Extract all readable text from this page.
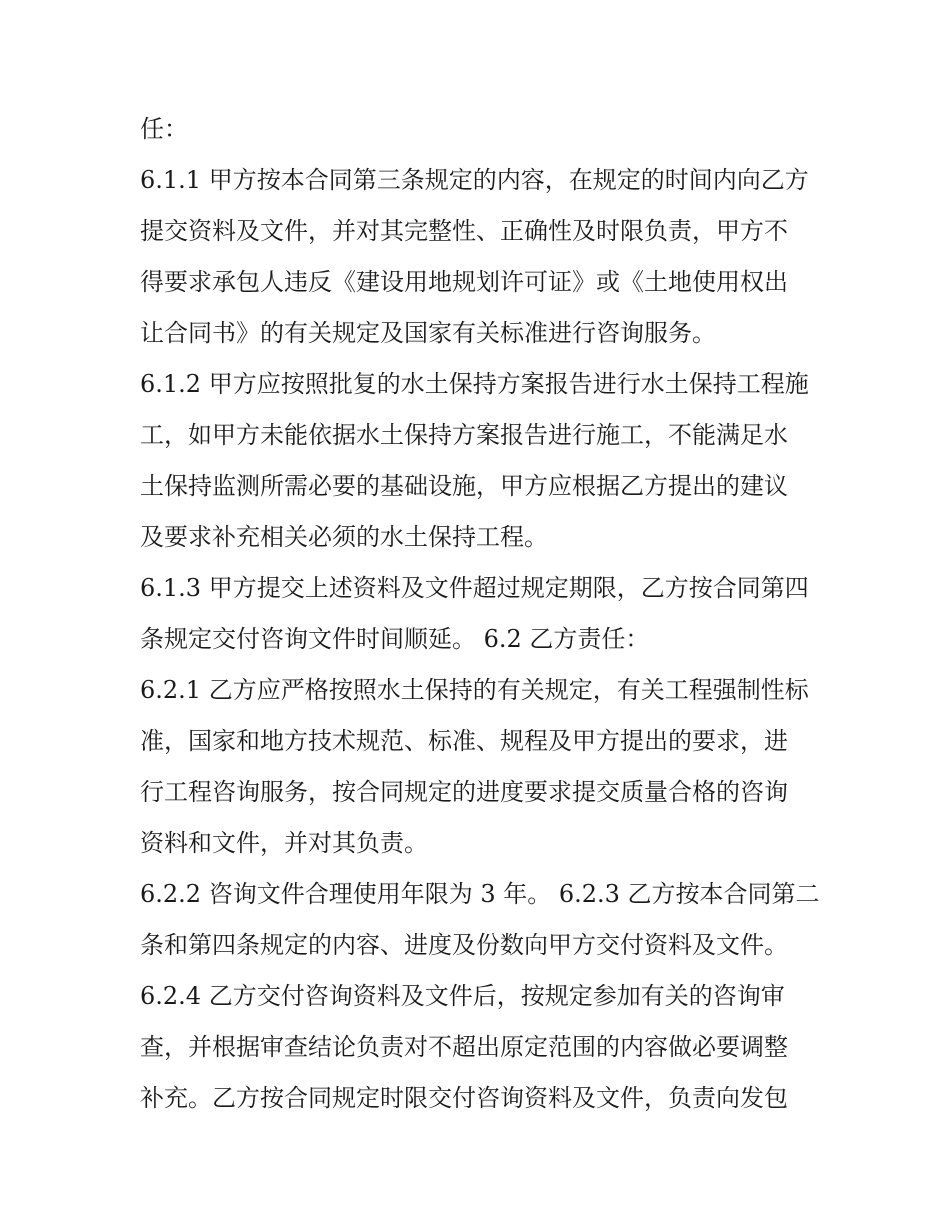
任：
6.1.1 甲方按本合同第三条规定的内容，在规定的时间内向乙方
提交资料及文件，并对其完整性、正确性及时限负责，甲方不
得要求承包人违反《建设用地规划许可证》或《土地使用权出
让合同书》的有关规定及国家有关标准进行咨询服务。
6.1.2 甲方应按照批复的水土保持方案报告进行水土保持工程施
工，如甲方未能依据水土保持方案报告进行施工，不能满足水
土保持监测所需必要的基础设施，甲方应根据乙方提出的建议
及要求补充相关必须的水土保持工程。
6.1.3 甲方提交上述资料及文件超过规定期限，乙方按合同第四
条规定交付咨询文件时间顺延。 6.2 乙方责任：
6.2.1 乙方应严格按照水土保持的有关规定，有关工程强制性标
准，国家和地方技术规范、标准、规程及甲方提出的要求，进
行工程咨询服务，按合同规定的进度要求提交质量合格的咨询
资料和文件，并对其负责。
6.2.2 咨询文件合理使用年限为 3 年。 6.2.3 乙方按本合同第二
条和第四条规定的内容、进度及份数向甲方交付资料及文件。
6.2.4 乙方交付咨询资料及文件后，按规定参加有关的咨询审
查，并根据审查结论负责对不超出原定范围的内容做必要调整
补充。乙方按合同规定时限交付咨询资料及文件，负责向发包
